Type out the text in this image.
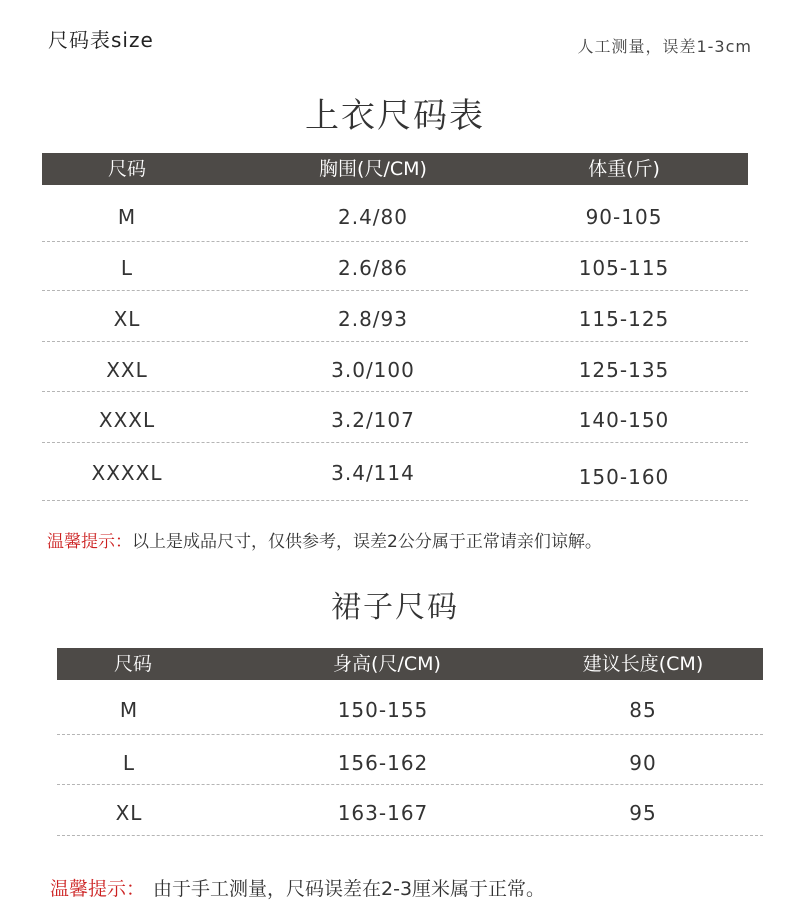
尺码表size	人工测量，误差1-3cm
上衣尺码表
尺码	胸围(尺/CM)	体重(斤)
M	2.4/80	90-105
L	2.6/86	105-115
XL	2.8/93	115-125
XXL	3.0/100	125-135
XXXL	3.2/107	140-150
XXXXL	3.4/114	150-160
温馨提示：以上是成品尺寸，仅供参考，误差2公分属于正常请亲们谅解。
裙子尺码
尺码	身高(尺/CM)	建议长度(CM)
M	150-155	85
L	156-162	90
XL	163-167	95
温馨提示： 由于手工测量，尺码误差在2-3厘米属于正常。
